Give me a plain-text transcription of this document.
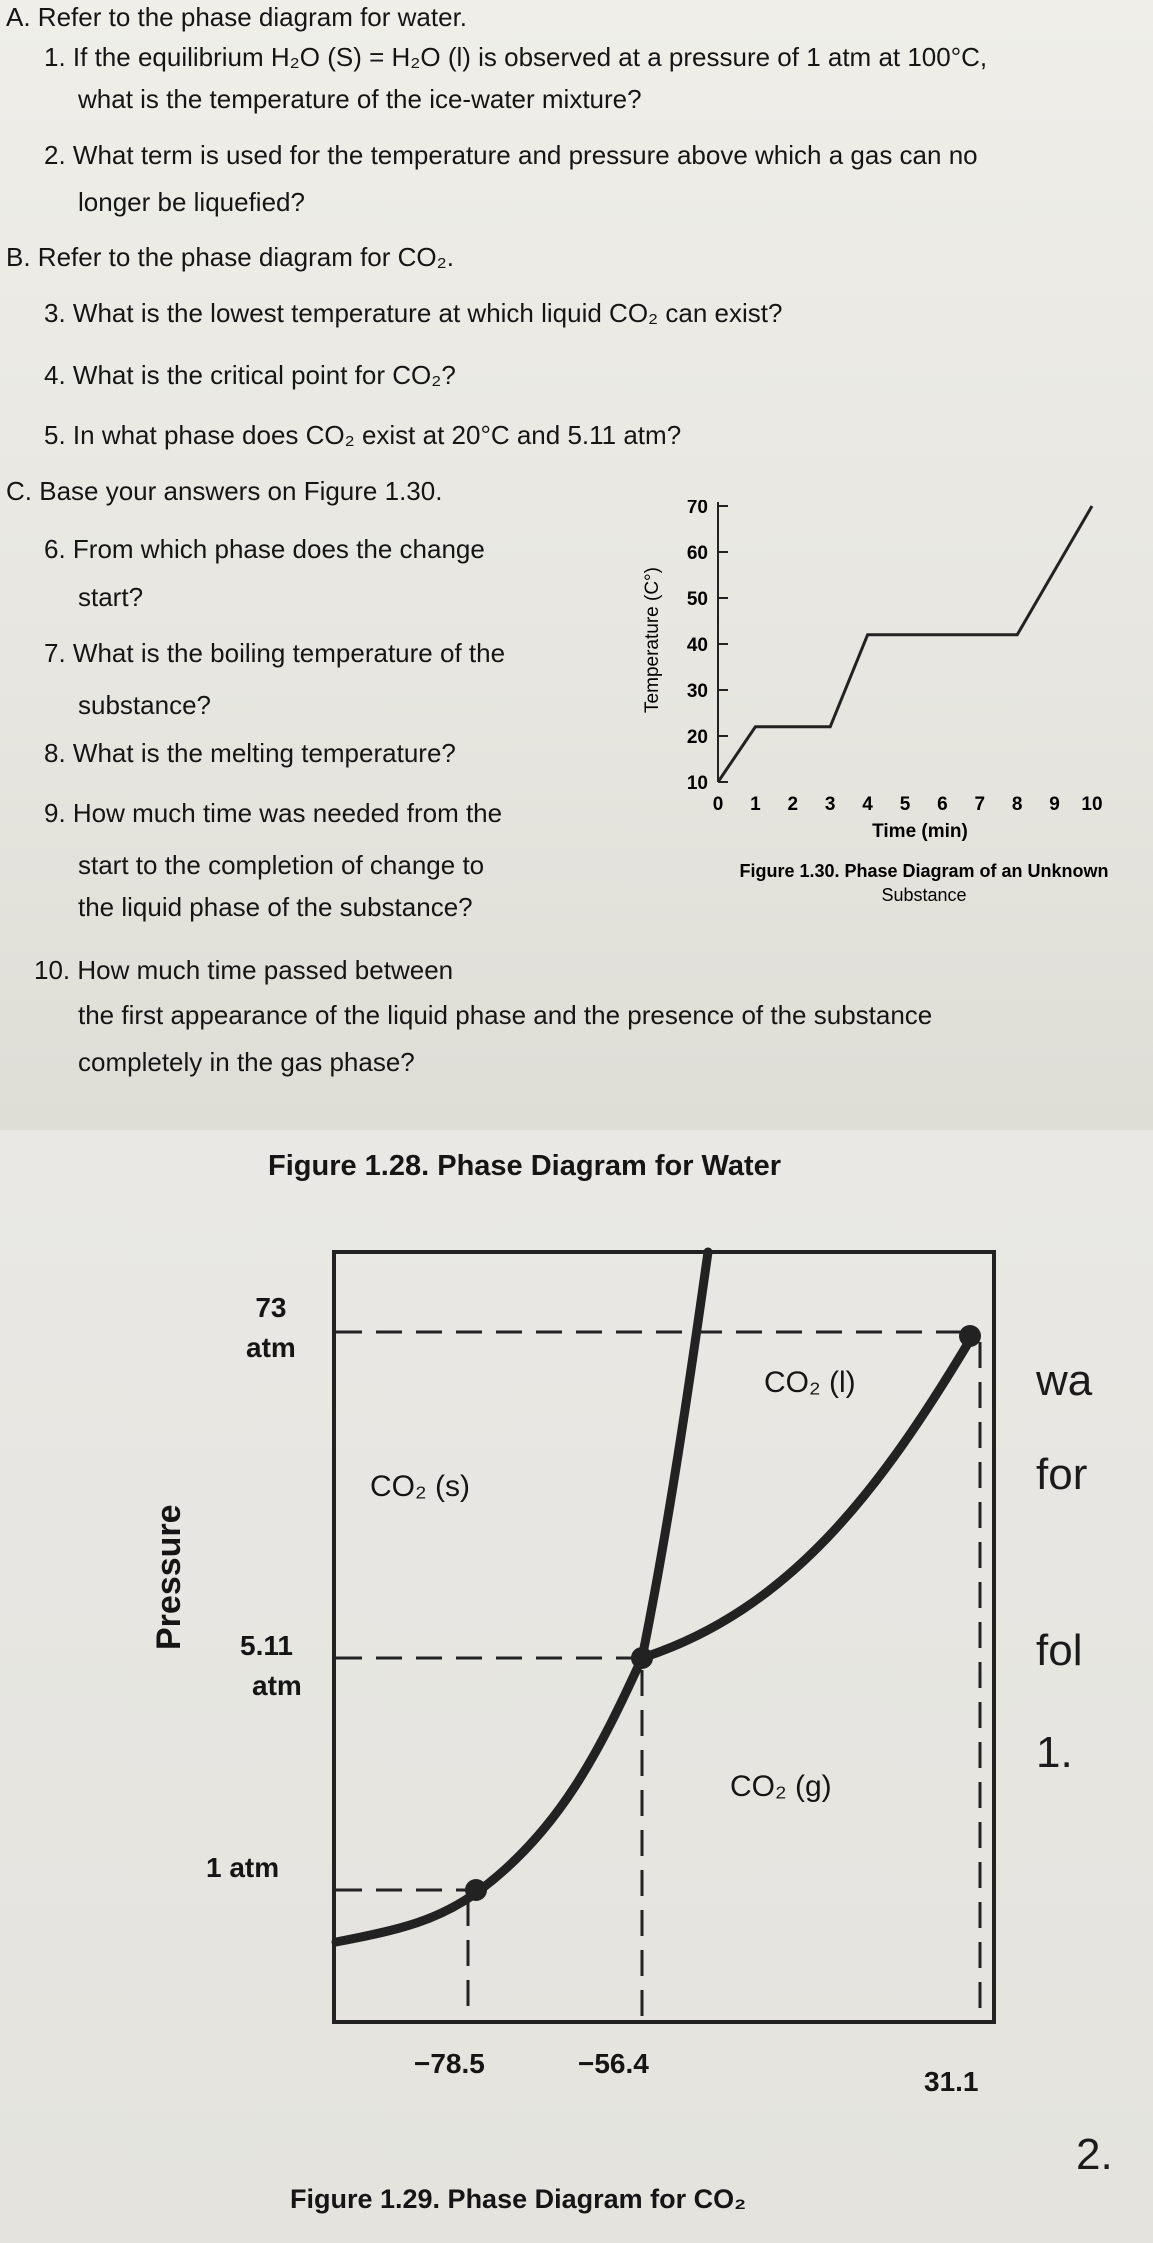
A. Refer to the phase diagram for water.
1. If the equilibrium H₂O (S) = H₂O (l) is observed at a pressure of 1 atm at 100°C,
what is the temperature of the ice-water mixture?
2. What term is used for the temperature and pressure above which a gas can no
longer be liquefied?
B. Refer to the phase diagram for CO₂.
3. What is the lowest temperature at which liquid CO₂ can exist?
4. What is the critical point for CO₂?
5. In what phase does CO₂ exist at 20°C and 5.11 atm?
C. Base your answers on Figure 1.30.
6. From which phase does the change
start?
7. What is the boiling temperature of the
substance?
8. What is the melting temperature?
9. How much time was needed from the
start to the completion of change to
the liquid phase of the substance?
10. How much time passed between
the first appearance of the liquid phase and the presence of the substance
completely in the gas phase?
10
20
30
40
50
60
70
0 1 2 3 4 5 6 7 8 9 10
Temperature (C°)
Time (min)
Figure 1.30. Phase Diagram of an Unknown
Substance
Figure 1.28. Phase Diagram for Water
73
atm
5.11
atm
1 atm
Pressure
CO₂ (l)
CO₂ (s)
CO₂ (g)
−78.5	−56.4
31.1
Figure 1.29. Phase Diagram for CO₂
wa
for
fol
1.
2.
